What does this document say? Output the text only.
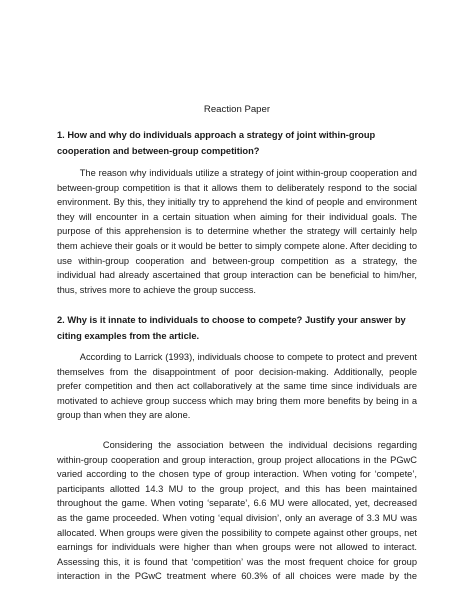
Reaction Paper
1. How and why do individuals approach a strategy of joint within-group cooperation and between-group competition?
The reason why individuals utilize a strategy of joint within-group cooperation and
between-group competition is that it allows them to deliberately respond to the social
environment. By this, they initially try to apprehend the kind of people and environment
they will encounter in a certain situation when aiming for their individual goals. The
purpose of this apprehension is to determine whether the strategy will certainly help
them achieve their goals or it would be better to simply compete alone. After deciding to
use within-group cooperation and between-group competition as a strategy, the
individual had already ascertained that group interaction can be beneficial to him/her,
thus, strives more to achieve the group success.
2. Why is it innate to individuals to choose to compete? Justify your answer by citing examples from the article.
According to Larrick (1993), individuals choose to compete to protect and prevent
themselves from the disappointment of poor decision-making. Additionally, people
prefer competition and then act collaboratively at the same time since individuals are
motivated to achieve group success which may bring them more benefits by being in a
group than when they are alone.
Considering the association between the individual decisions regarding
within-group cooperation and group interaction, group project allocations in the PGwC
varied according to the chosen type of group interaction. When voting for ‘compete’,
participants allotted 14.3 MU to the group project, and this has been maintained
throughout the game. When voting ‘separate’, 6.6 MU were allocated, yet, decreased
as the game proceeded. When voting ‘equal division’, only an average of 3.3 MU was
allocated. When groups were given the possibility to compete against other groups, net
earnings for individuals were higher than when groups were not allowed to interact.
Assessing this, it is found that ‘competition’ was the most frequent choice for group
interaction in the PGwC treatment where 60.3% of all choices were made by the
